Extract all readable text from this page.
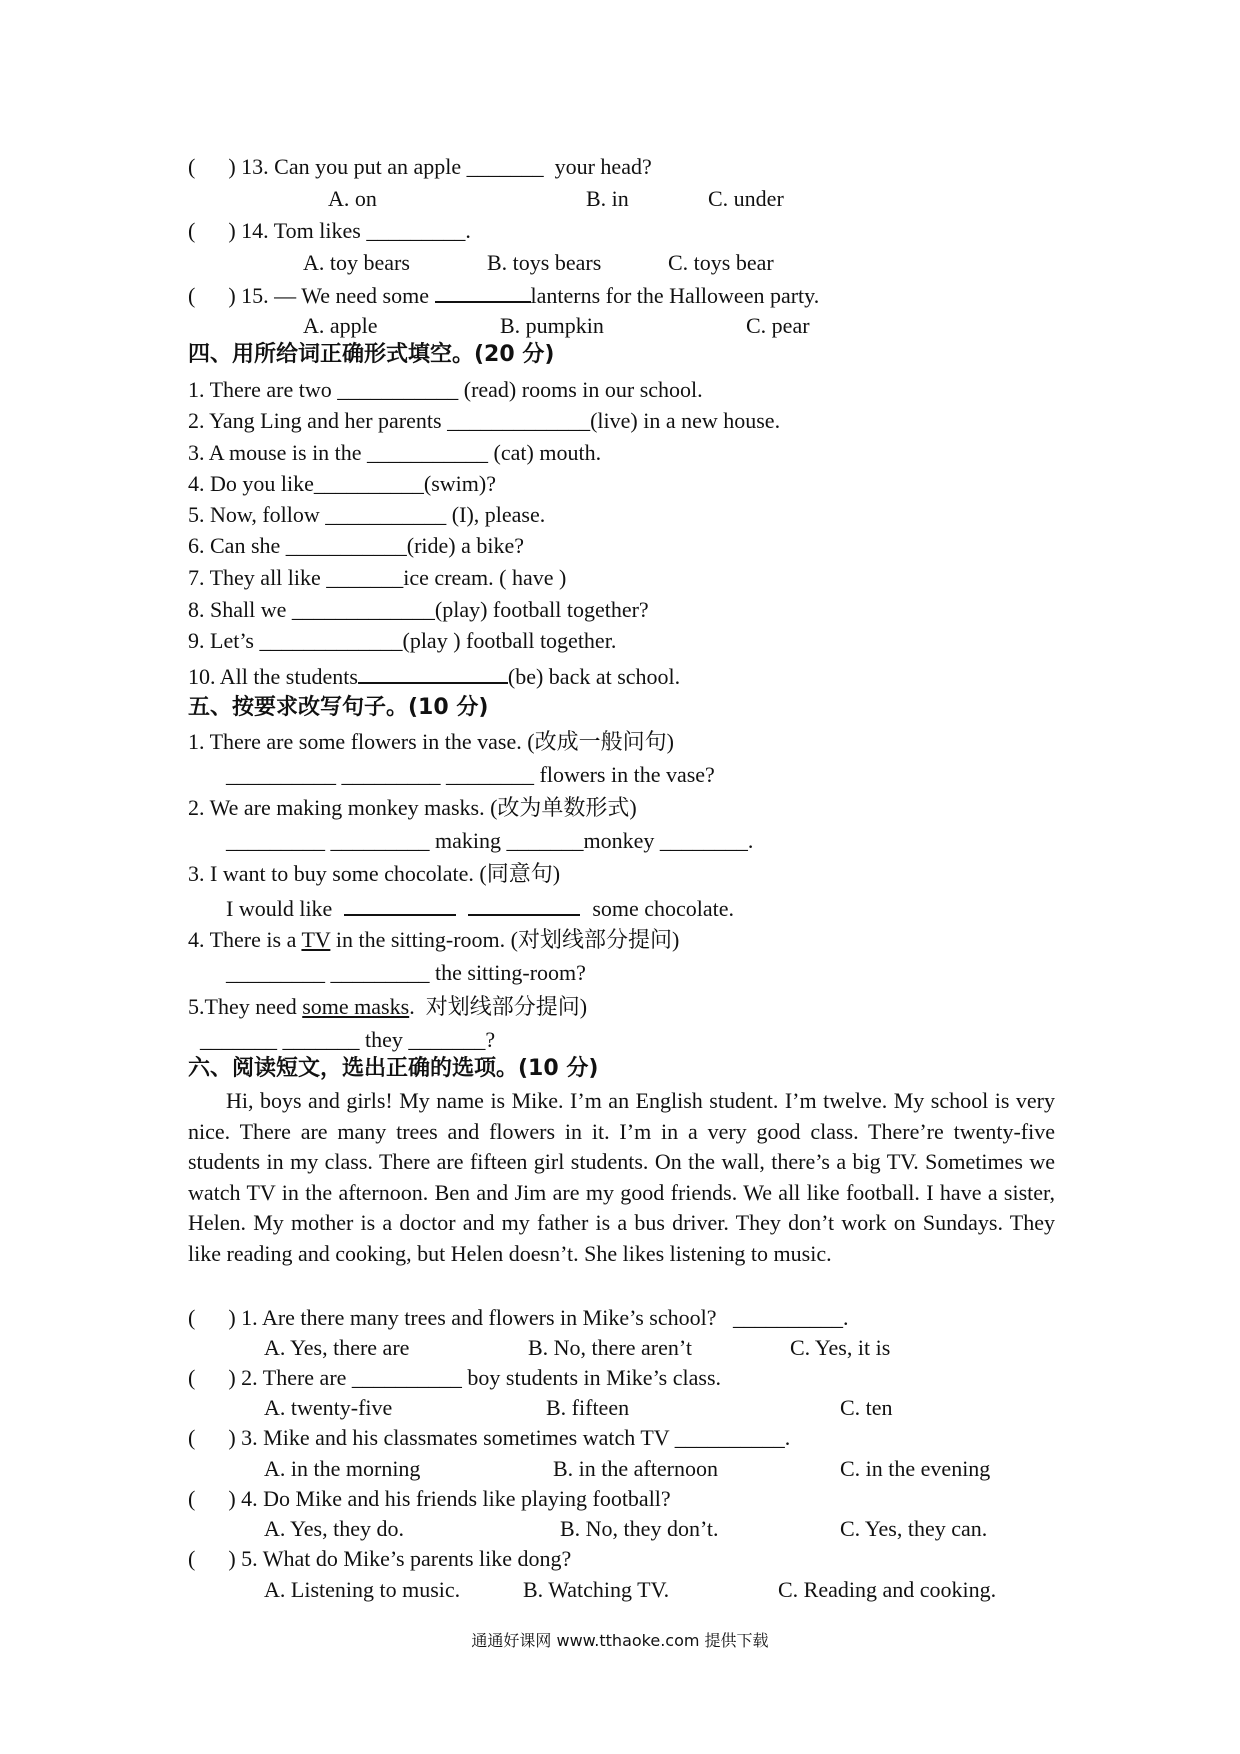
(      ) 13. Can you put an apple _______  your head?
A. on	B. in	C. under
(      ) 14. Tom likes _________.
A. toy bears	B. toys bears	C. toys bear
(      ) 15. — We need some	lanterns for the Halloween party.
A. apple	B. pumpkin	C. pear
四、用所给词正确形式填空。(20 分)
1. There are two ___________ (read) rooms in our school.
2. Yang Ling and her parents _____________(live) in a new house.
3. A mouse is in the ___________ (cat) mouth.
4. Do you like__________(swim)?
5. Now, follow ___________ (I), please.
6. Can she ___________(ride) a bike?
7. They all like _______ice cream. ( have )
8. Shall we _____________(play) football together?
9. Let’s _____________(play ) football together.
10. All the students	(be) back at school.
五、按要求改写句子。(10 分)
1. There are some flowers in the vase. (改成一般问句)
__________ _________ ________ flowers in the vase?
2. We are making monkey masks. (改为单数形式)
_________ _________ making _______monkey ________.
3. I want to buy some chocolate. (同意句)
I would like	some chocolate.
4. There is a TV in the sitting-room. (对划线部分提问)
_________ _________ the sitting-room?
5.They need some masks.  对划线部分提问)
_______ _______ they _______?
六、阅读短文，选出正确的选项。(10 分)
Hi, boys and girls! My name is Mike. I’m an English student. I’m twelve. My school is very nice. There are many trees and flowers in it. I’m in a very good class. There’re twenty-five students in my class. There are fifteen girl students. On the wall, there’s a big TV. Sometimes we watch TV in the afternoon. Ben and Jim are my good friends. We all like football. I have a sister, Helen. My mother is a doctor and my father is a bus driver. They don’t work on Sundays. They like reading and cooking, but Helen doesn’t. She likes listening to music.
(      ) 1. Are there many trees and flowers in Mike’s school?   __________.
A. Yes, there are	B. No, there aren’t	C. Yes, it is
(      ) 2. There are __________ boy students in Mike’s class.
A. twenty-five	B. fifteen	C. ten
(      ) 3. Mike and his classmates sometimes watch TV __________.
A. in the morning	B. in the afternoon	C. in the evening
(      ) 4. Do Mike and his friends like playing football?
A. Yes, they do.	B. No, they don’t.	C. Yes, they can.
(      ) 5. What do Mike’s parents like dong?
A. Listening to music.	B. Watching TV.	C. Reading and cooking.
通通好课网 www.tthaoke.com 提供下载
